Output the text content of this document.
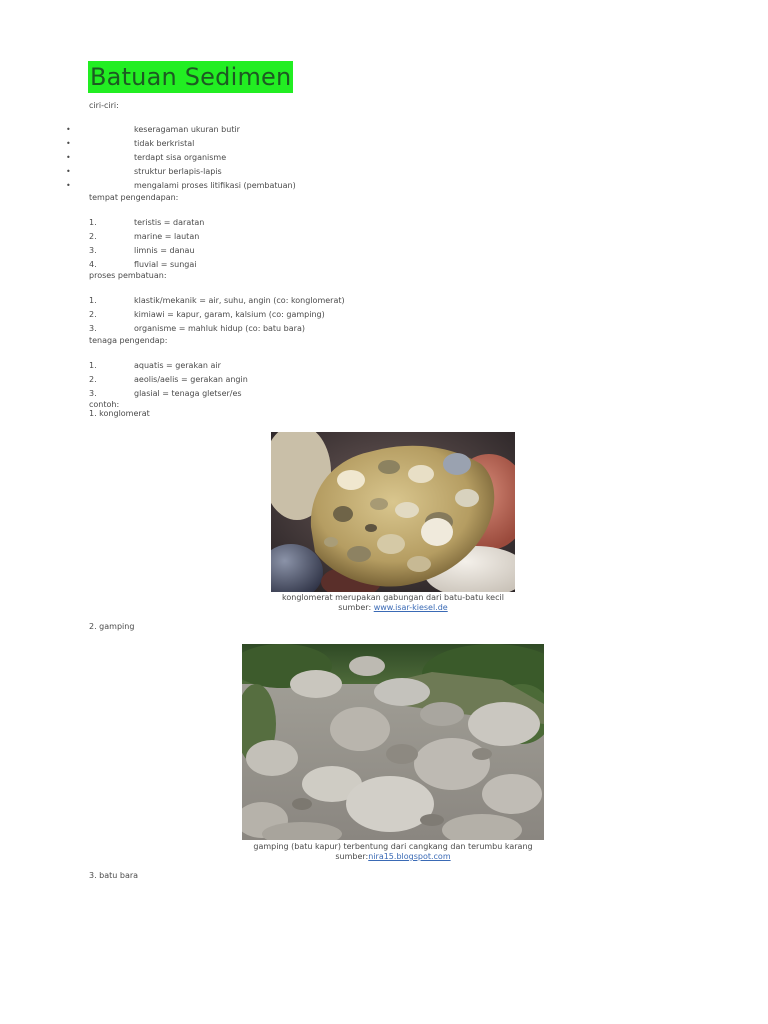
Batuan Sedimen
ciri-ciri:
•	keseragaman ukuran butir
•	tidak berkristal
•	terdapt sisa organisme
•	struktur berlapis-lapis
•	mengalami proses litifikasi (pembatuan)
tempat pengendapan:
1.	teristis = daratan
2.	marine = lautan
3.	limnis = danau
4.	fluvial = sungai
proses pembatuan:
1.	klastik/mekanik = air, suhu, angin (co: konglomerat)
2.	kimiawi = kapur, garam, kalsium (co: gamping)
3.	organisme = mahluk hidup (co: batu bara)
tenaga pengendap:
1.	aquatis = gerakan air
2.	aeolis/aelis = gerakan angin
3.	glasial = tenaga gletser/es
contoh:
1. konglomerat
konglomerat merupakan gabungan dari batu-batu kecil
sumber: www.isar-kiesel.de
2. gamping
gamping (batu kapur) terbentung dari cangkang dan terumbu karang
sumber:nira15.blogspot.com
3. batu bara
